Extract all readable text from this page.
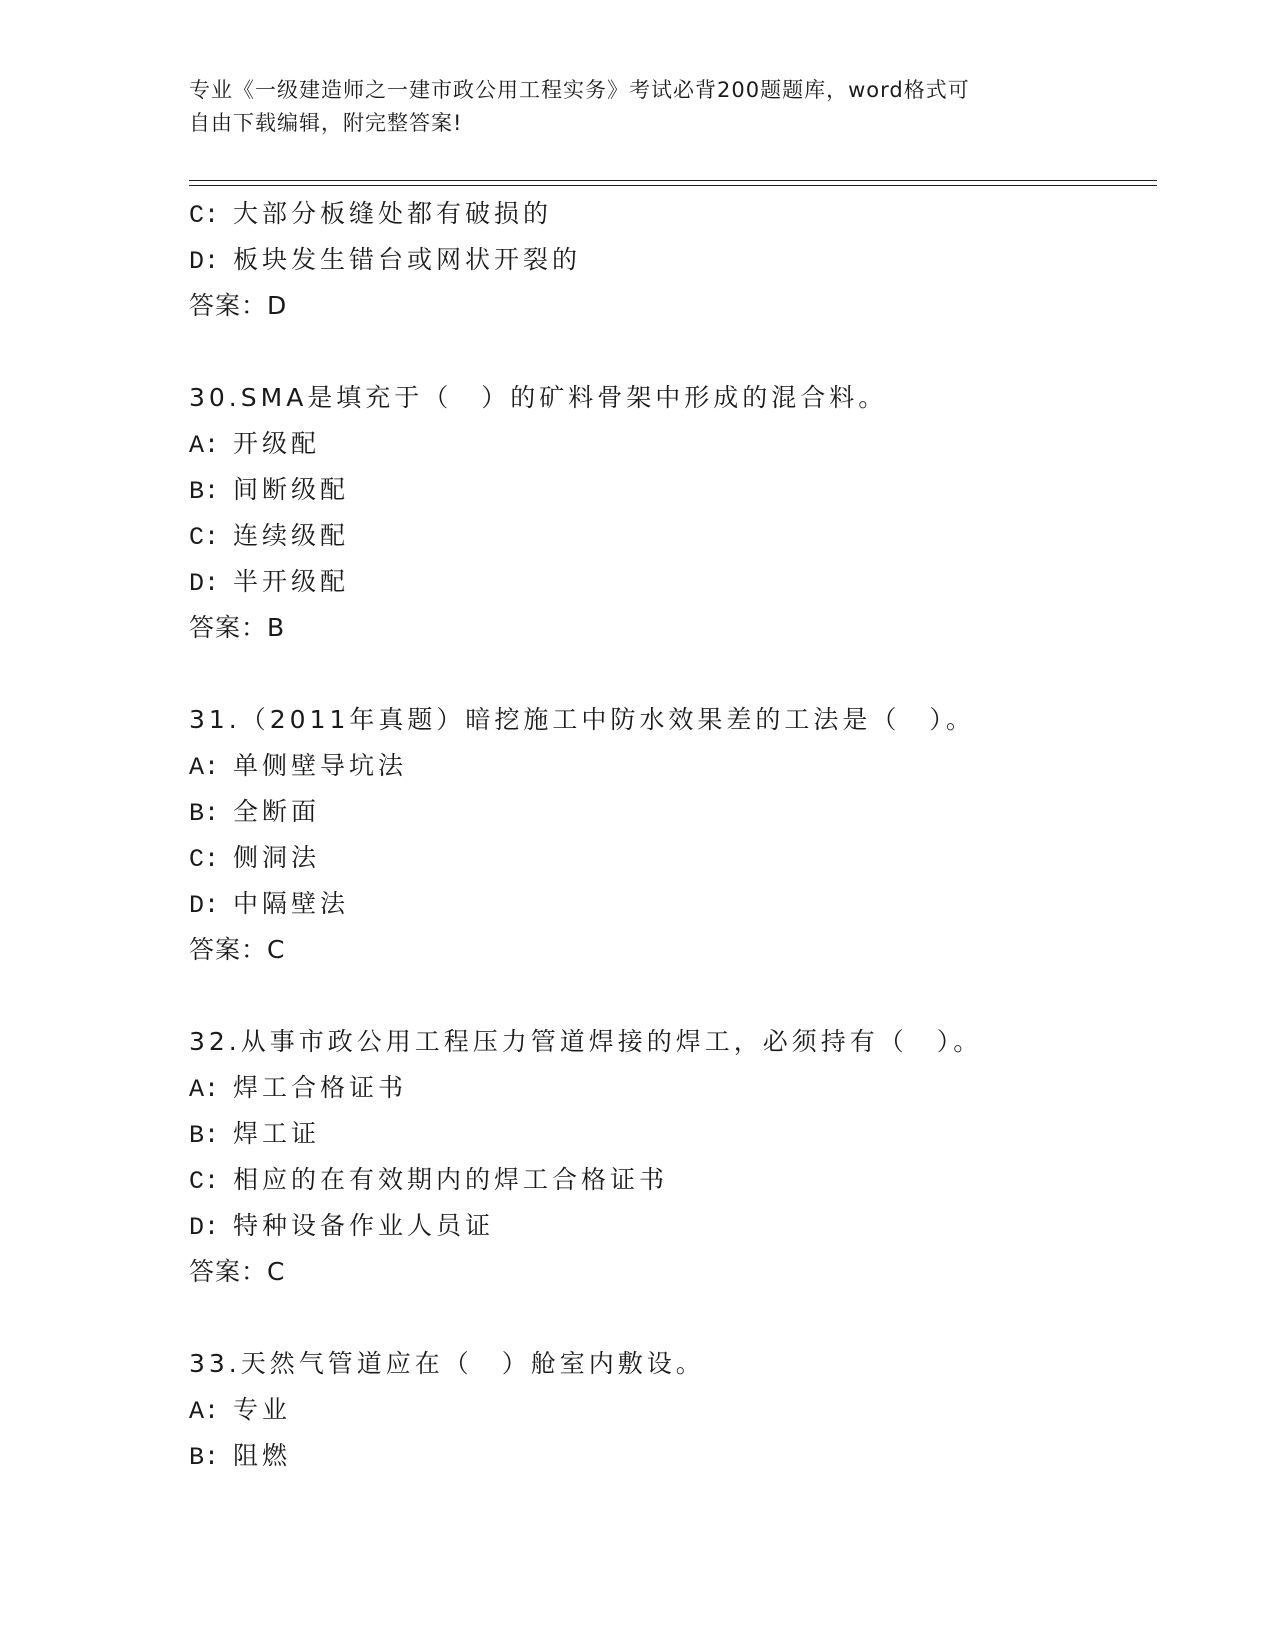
专业《一级建造师之一建市政公用工程实务》考试必背200题题库，word格式可
自由下载编辑，附完整答案!
C: 大部分板缝处都有破损的
D: 板块发生错台或网状开裂的
答案：D
30.SMA是填充于（　）的矿料骨架中形成的混合料。
A: 开级配
B: 间断级配
C: 连续级配
D: 半开级配
答案：B
31.（2011年真题）暗挖施工中防水效果差的工法是（　）。
A: 单侧壁导坑法
B: 全断面
C: 侧洞法
D: 中隔壁法
答案：C
32.从事市政公用工程压力管道焊接的焊工，必须持有（　）。
A: 焊工合格证书
B: 焊工证
C: 相应的在有效期内的焊工合格证书
D: 特种设备作业人员证
答案：C
33.天然气管道应在（　）舱室内敷设。
A: 专业
B: 阻燃
